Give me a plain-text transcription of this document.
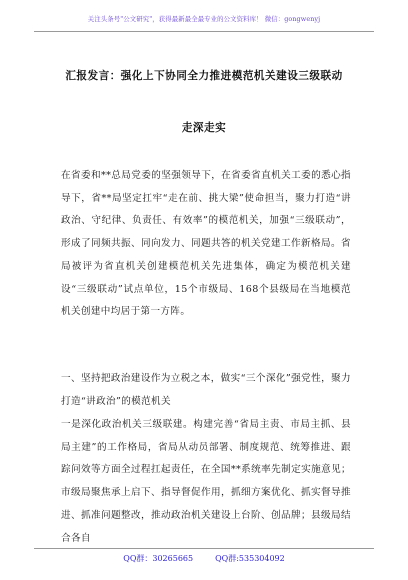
关注头条号"公文研究"，获得最新最全最专业的公文资料库！ 微信：gongwenyj
汇报发言：强化上下协同全力推进模范机关建设三级联动
走深走实

在省委和**总局党委的坚强领导下，在省委省直机关工委的悉心指导下，省**局坚定扛牢“走在前、挑大梁”使命担当，聚力打造“讲政治、守纪律、负责任、有效率”的模范机关，加强“三级联动”，形成了同频共振、同向发力、同题共答的机关党建工作新格局。省局被评为省直机关创建模范机关先进集体，确定为模范机关建设“三级联动”试点单位，15个市级局、168个县级局在当地模范机关创建中均居于第一方阵。

一、坚持把政治建设作为立税之本，做实“三个深化”强党性，聚力打造“讲政治”的模范机关

一是深化政治机关三级联建。构建完善“省局主责、市局主抓、县局主建”的工作格局，省局从动员部署、制度规范、统筹推进、跟踪问效等方面全过程扛起责任，在全国**系统率先制定实施意见；市级局聚焦承上启下、指导督促作用，抓细方案优化、抓实督导推进、抓准问题整改，推动政治机关建设上台阶、创品牌；县级局结合各自

QQ群：30265665	QQ群:535304092
